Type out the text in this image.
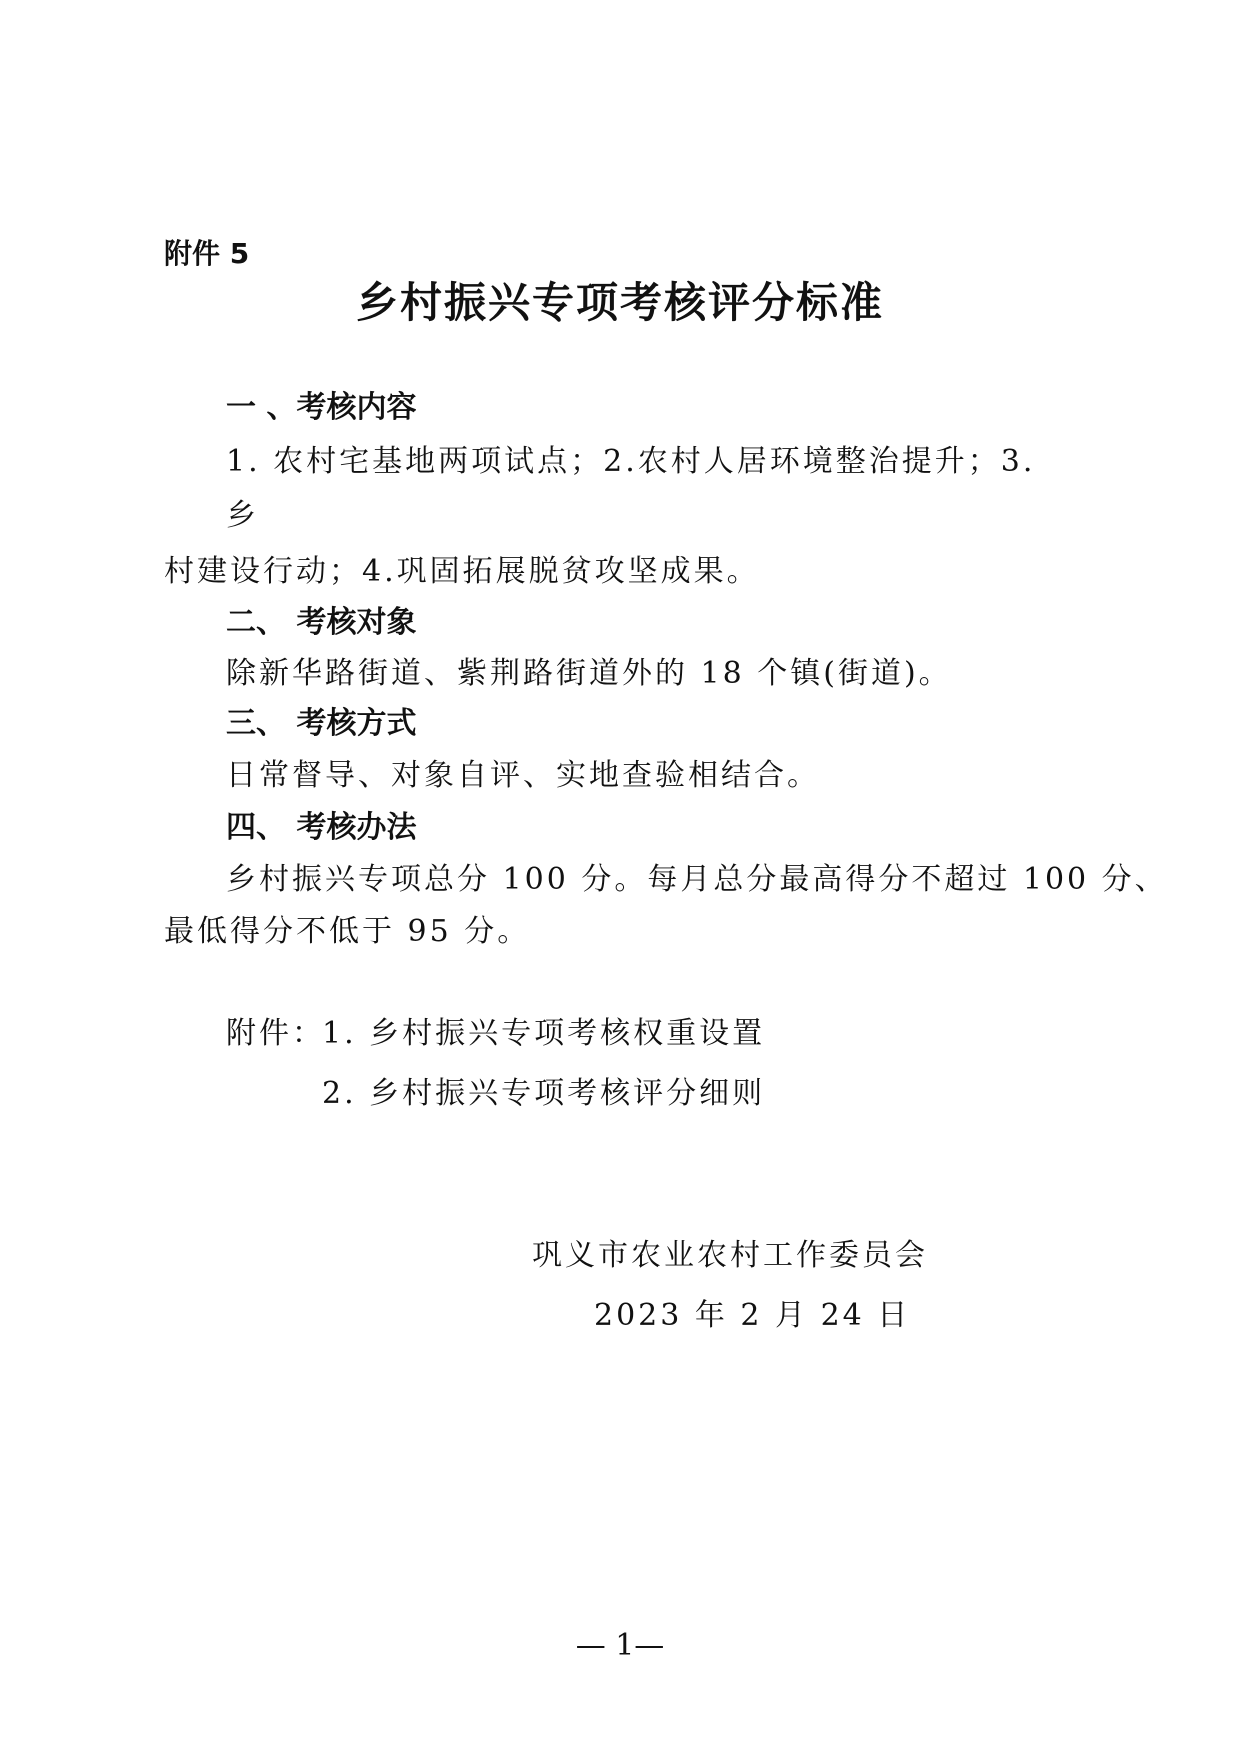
附件 5
乡村振兴专项考核评分标准
一 、考核内容
1. 农村宅基地两项试点；2.农村人居环境整治提升；3.
乡
村建设行动；4.巩固拓展脱贫攻坚成果。
二、 考核对象
除新华路街道、紫荆路街道外的 18 个镇(街道)。
三、 考核方式
日常督导、对象自评、实地查验相结合。
四、 考核办法
乡村振兴专项总分 100 分。每月总分最高得分不超过 100 分、
最低得分不低于 95 分。
附件：
1. 乡村振兴专项考核权重设置
2. 乡村振兴专项考核评分细则
巩义市农业农村工作委员会
2023 年 2 月 24 日
— 1—
